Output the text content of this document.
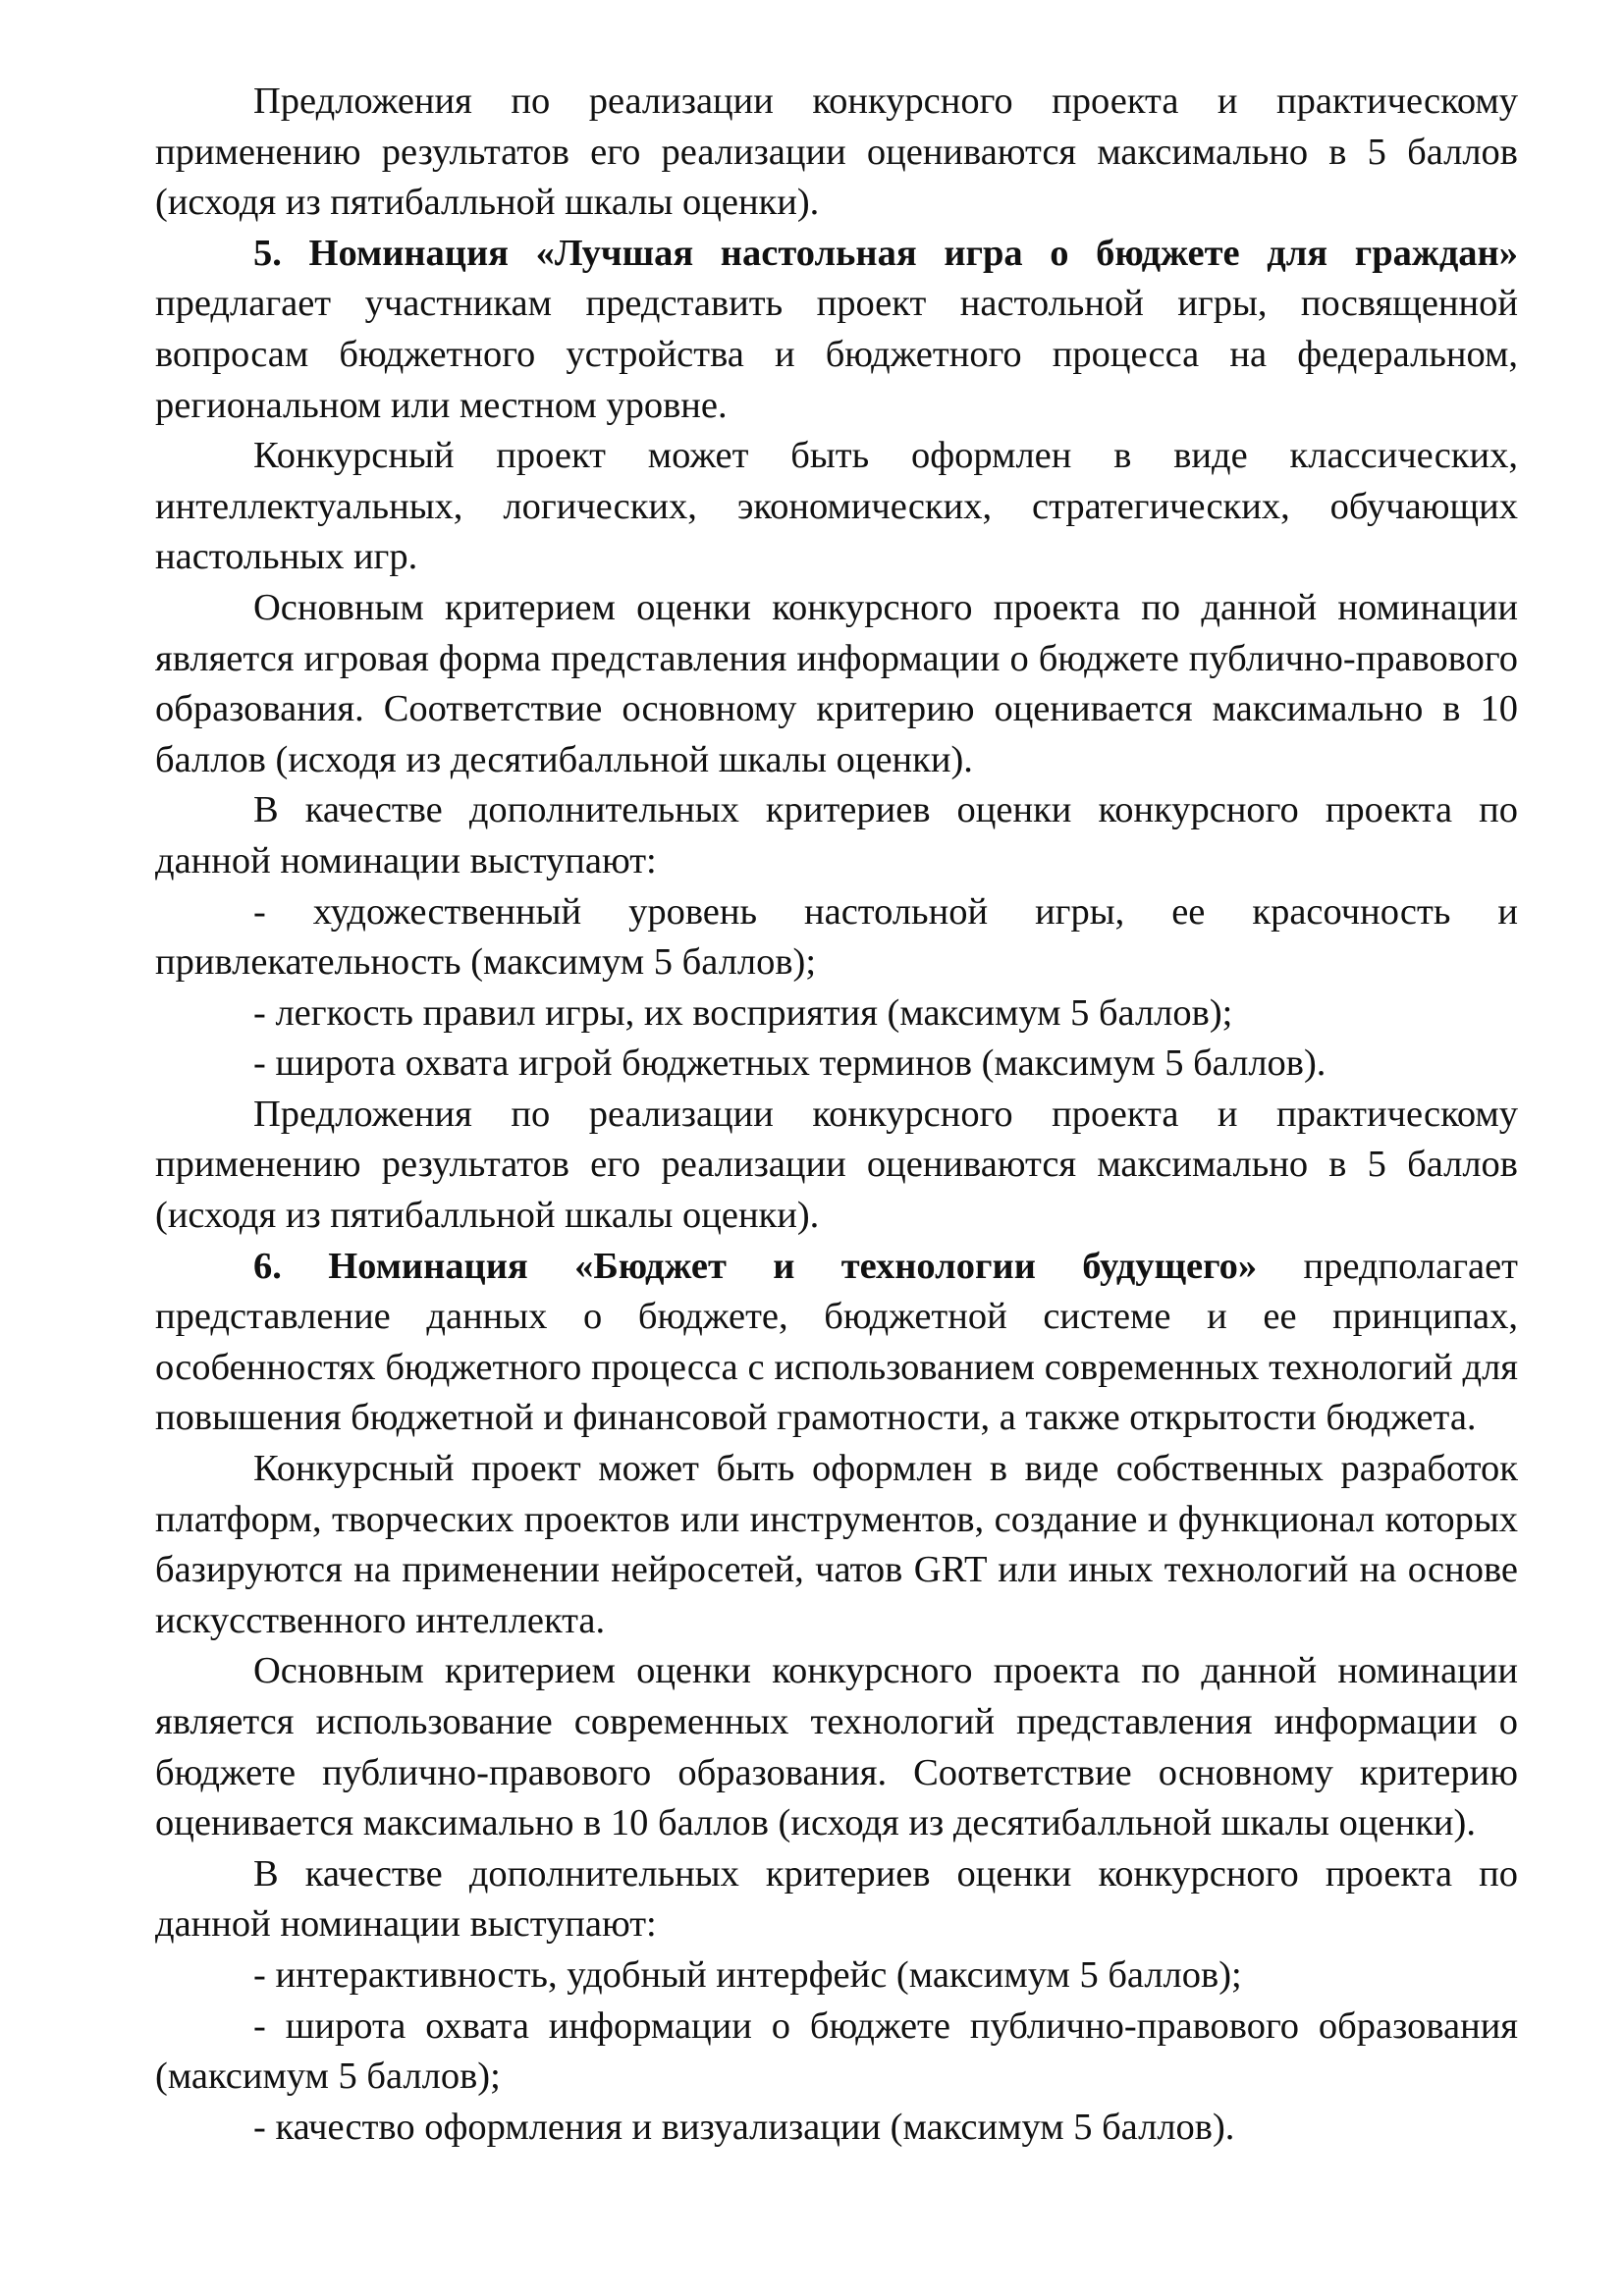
Предложения по реализации конкурсного проекта и практическому применению результатов его реализации оцениваются максимально в 5 баллов (исходя из пятибалльной шкалы оценки).

5. Номинация «Лучшая настольная игра о бюджете для граждан» предлагает участникам представить проект настольной игры, посвященной вопросам бюджетного устройства и бюджетного процесса на федеральном, региональном или местном уровне.

Конкурсный проект может быть оформлен в виде классических, интеллектуальных, логических, экономических, стратегических, обучающих настольных игр.

Основным критерием оценки конкурсного проекта по данной номинации является игровая форма представления информации о бюджете публично-правового образования. Соответствие основному критерию оценивается максимально в 10 баллов (исходя из десятибалльной шкалы оценки).

В качестве дополнительных критериев оценки конкурсного проекта по данной номинации выступают:

- художественный уровень настольной игры, ее красочность и привлекательность (максимум 5 баллов);

- легкость правил игры, их восприятия (максимум 5 баллов);

- широта охвата игрой бюджетных терминов (максимум 5 баллов).

Предложения по реализации конкурсного проекта и практическому применению результатов его реализации оцениваются максимально в 5 баллов (исходя из пятибалльной шкалы оценки).

6. Номинация «Бюджет и технологии будущего» предполагает представление данных о бюджете, бюджетной системе и ее принципах, особенностях бюджетного процесса с использованием современных технологий для повышения бюджетной и финансовой грамотности, а также открытости бюджета.

Конкурсный проект может быть оформлен в виде собственных разработок платформ, творческих проектов или инструментов, создание и функционал которых базируются на применении нейросетей, чатов GRT или иных технологий на основе искусственного интеллекта.

Основным критерием оценки конкурсного проекта по данной номинации является использование современных технологий представления информации о бюджете публично-правового образования. Соответствие основному критерию оценивается максимально в 10 баллов (исходя из десятибалльной шкалы оценки).

В качестве дополнительных критериев оценки конкурсного проекта по данной номинации выступают:

- интерактивность, удобный интерфейс (максимум 5 баллов);

- широта охвата информации о бюджете публично-правового образования (максимум 5 баллов);

- качество оформления и визуализации (максимум 5 баллов).
